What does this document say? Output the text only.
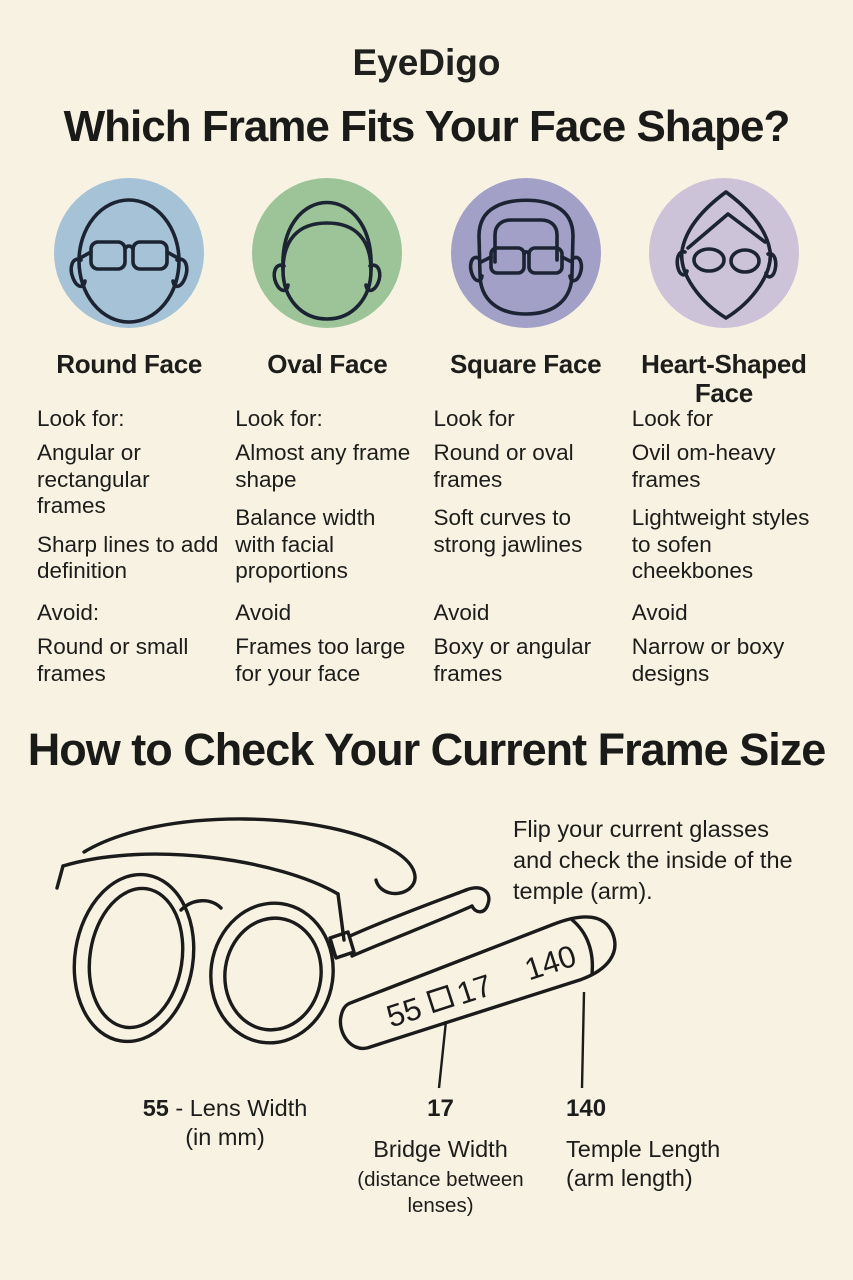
EyeDigo
Which Frame Fits Your Face Shape?
Round Face
Look for:

Angular or rectangular frames

Sharp lines to add definition

Avoid:

Round or small frames

Oval Face
Look for:

Almost any frame shape

Balance width with facial proportions

Avoid

Frames too large for your face

Square Face
Look for

Round or oval frames

Soft curves to strong jawlines

Avoid

Boxy or angular frames

Heart-Shaped Face
Look for

Ovil om-heavy frames

Lightweight styles to sofen cheekbones

Avoid

Narrow or boxy designs

How to Check Your Current Frame Size
Flip your current glasses and check the inside of the temple (arm).
55
17
140
55 - Lens Width
(in mm)
17
Bridge Width
(distance between lenses)
140
Temple Length
(arm length)
